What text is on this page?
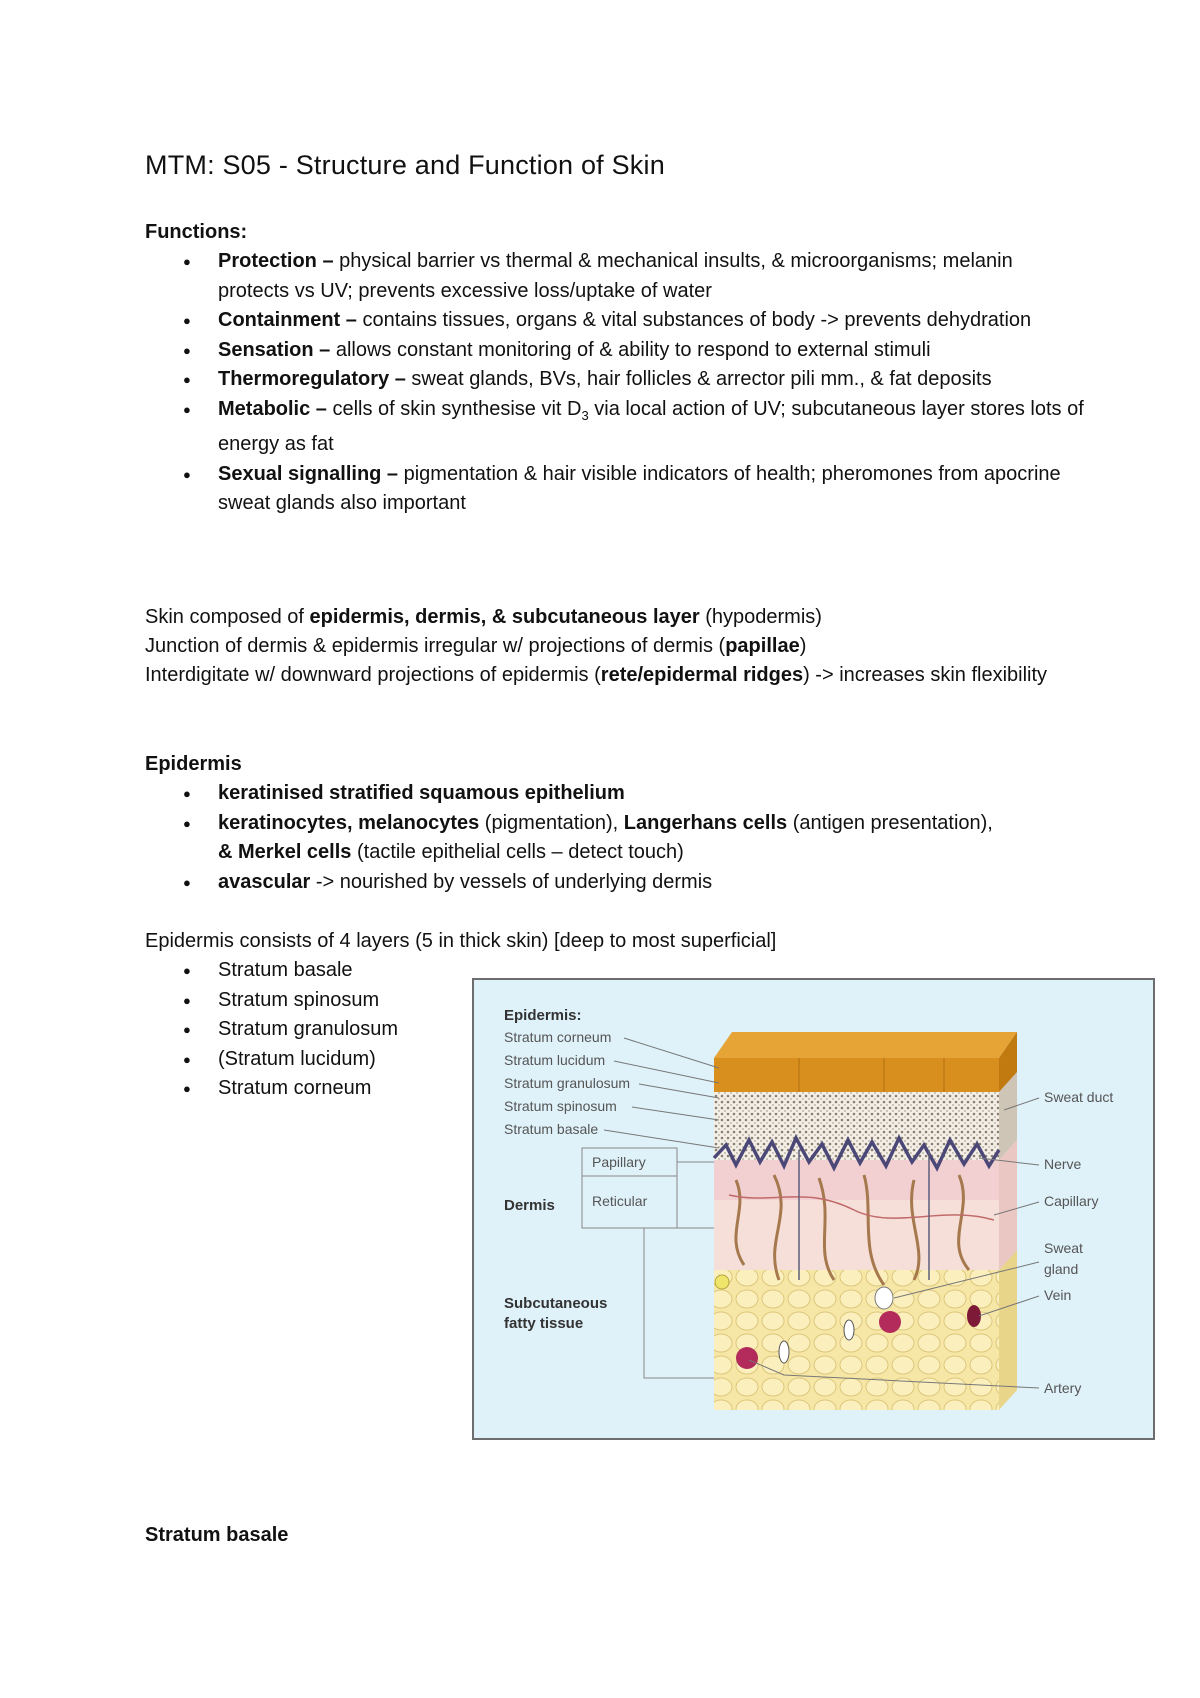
MTM: S05 - Structure and Function of Skin

Functions:

● Protection – physical barrier vs thermal & mechanical insults, & microorganisms; melanin protects vs UV; prevents excessive loss/uptake of water
● Containment – contains tissues, organs & vital substances of body -> prevents dehydration
● Sensation – allows constant monitoring of & ability to respond to external stimuli
● Thermoregulatory – sweat glands, BVs, hair follicles & arrector pili mm., & fat deposits
● Metabolic – cells of skin synthesise vit $D_3$ via local action of UV; subcutaneous layer stores lots of energy as fat
● Sexual signalling – pigmentation & hair visible indicators of health; pheromones from apocrine sweat glands also important

Skin composed of epidermis, dermis, & subcutaneous layer (hypodermis)
Junction of dermis & epidermis irregular w/ projections of dermis (papillae)
Interdigitate w/ downward projections of epidermis (rete/epidermal ridges) -> increases skin flexibility

Epidermis

● keratinised stratified squamous epithelium
● keratinocytes, melanocytes (pigmentation), Langerhans cells (antigen presentation),
& Merkel cells (tactile epithelial cells – detect touch)
● avascular -> nourished by vessels of underlying dermis

Epidermis consists of 4 layers (5 in thick skin) [deep to most superficial]

● Stratum basale
● Stratum spinosum
● Stratum granulosum
● (Stratum lucidum)
● Stratum corneum
Epidermis:
Stratum corneum
Stratum lucidum
Stratum granulosum
Stratum spinosum
Stratum basale
Dermis
Papillary
Reticular
Subcutaneous
fatty tissue
Sweat duct
Nerve
Capillary
Sweat
gland
Vein
Artery

Stratum basale
